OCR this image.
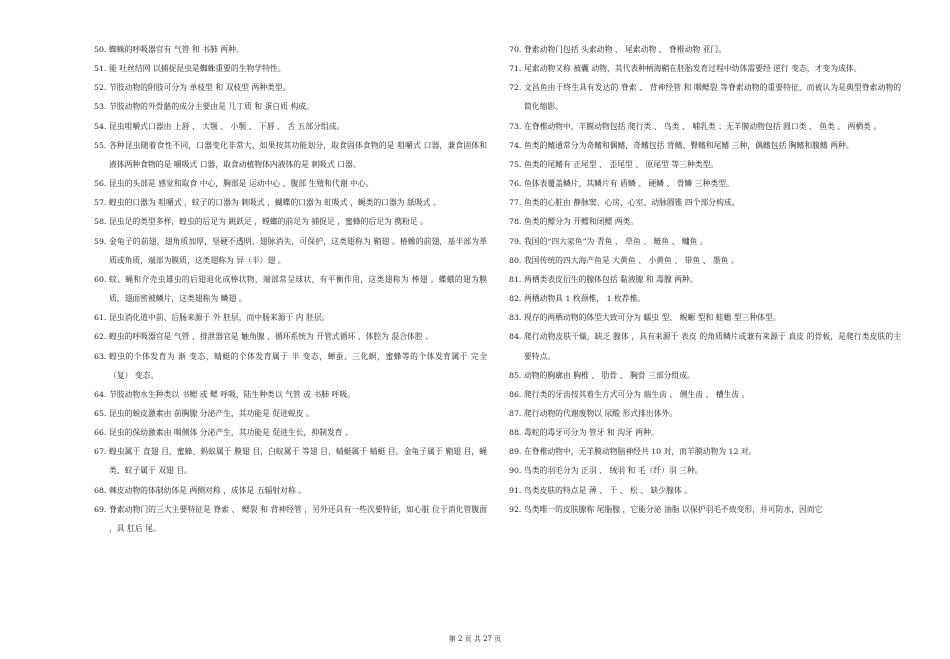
50. 蜘蛛的呼吸器官有 气管 和 书肺 两种。
51. 能 吐丝结网 以捕捉昆虫是蜘蛛重要的生物学特性。
52. 节肢动物的附肢可分为 单枝型 和 双枝型 两种类型。
53. 节肢动物的外骨骼的成分主要由是 几丁质 和 蛋白质 构成。
54. 昆虫咀嚼式口器由 上唇 、 大颚 、 小颚 、 下唇 、 舌 五部分组成。
55. 各种昆虫随着食性不同，口器变化非常大，如果按其功能划分，取食固体食物的是 咀嚼式 口器，兼食固体和液体两种食物的是 嚼吸式 口器，取食动植物体内液体的是 刺吸式 口器。
56. 昆虫的头部是 感觉和取食 中心，胸部是 运动中心 ，腹部 生殖和代谢 中心。
57. 蝗虫的口器为 咀嚼式 ，蚊子的口器为 刺吸式 ，蝴蝶的口器为 虹吸式 ，蝇类的口器为 舐吸式 。
58. 昆虫足的类型多样，蝗虫的后足为 跳跃足 ，螳螂的前足为 捕捉足 ，蜜蜂的后足为 携粉足 。
59. 金龟子的前翅，翅角质加厚，坚硬不透明，翅脉消失，可保护，这类翅称为 鞘翅 。椿蟓的前翅，基半部为革质或角质，端部为膜质，这类翅称为 异（半）翅 。
60. 蚊、蝇和介壳虫雄虫的后翅退化成棒状物，端部常呈球状，有平衡作用，这类翅称为 棒翅 。蝶蛾的翅为膜质，翅面密被鳞片，这类翅称为 鳞翅 。
61. 昆虫消化道中前、后肠来源于 外 胚层，而中肠来源于 内 胚层。
62. 蝗虫的呼吸器官是 气管 ，排泄器官是 触角腺 ，循环系统为 开管式循环 ，体腔为 混合体腔 。
63. 蝗虫的个体发育为 渐 变态，蜻蜓的个体发育属于 半 变态，蝉蚕、三化螟，蜜蜂等的个体发育属于 完全（复） 变态。
64. 节肢动物水生种类以 书鳃 或 鳃 呼吸，陆生种类以 气管 或 书肺 呼吸。
65. 昆虫的蜕皮激素由 前胸腺 分泌产生，其功能是 促进蜕皮 。
66. 昆虫的保幼激素由 咽侧体 分泌产生，其功能是 促进生长，抑制发育 。
67. 蝗虫属于 直翅 目，蜜蜂、蚂蚁属于 膜翅 目，白蚁属于 等翅 目，蜻蜓属于 蜻蜓 目。金龟子属于 鞘翅 目，蝇类、蚊子属于 双翅 目。
68. 棘皮动物的体制幼体是 两侧对称 ，成体是 五辐射对称 。
69. 脊索动物门的三大主要特征是 脊索 、 鳃裂 和 背神经管 ，另外还具有一些次要特征，如心脏 位于消化管腹面 ，具 肛后 尾。
70. 脊索动物门包括 头索动物 、 尾索动物 、 脊椎动物 亚门。
71. 尾索动物又称 被囊 动物，其代表种柄海鞘在胚胎发育过程中幼体需要经 逆行 变态，才变为成体。
72. 文昌鱼由于终生具有发达的 脊索 、 背神经管 和 咽鳃裂 等脊索动物的重要特征，而被认为是典型脊索动物的简化缩影。
73. 在脊椎动物中，羊膜动物包括 爬行类 、 鸟类 、 哺乳类 ；无羊膜动物包括 圆口类 、 鱼类 、 两栖类 。
74. 鱼类的鳍通常分为奇鳍和偶鳍，奇鳍包括 背鳍、臀鳍和尾鳍 三种，偶鳍包括 胸鳍和腹鳍 两种。
75. 鱼类的尾鳍有 正尾型 、 歪尾型 、 原尾型 等三种类型。
76. 鱼体表覆盖鳞片，其鳞片有 盾鳞 、 硬鳞 、 骨鳞 三种类型。
77. 鱼类的心脏由 静脉窦、心房、心室、动脉圆锥 四个部分构成。
78. 鱼类的鳔分为 开鳔和闭鳔 两类。
79. 我国的“四大家鱼”为 青鱼 、 草鱼 、 鲢鱼 、 鳙鱼 。
80. 我国传统的四大海产鱼是 大黄鱼 、 小黄鱼 、 带鱼 、 墨鱼 。
81. 两栖类表皮衍生的腺体包括 黏液腺 和 毒腺 两种。
82. 两栖动物具 1 枚颈椎， 1 枚荐椎。
83. 现存的两栖动物的体型大致可分为 蠕虫 型、 鲵螈 型和 蛙蟾 型三种体型。
84. 爬行动物皮肤干燥，缺乏 腺体 ，具有来源于 表皮 的角质鳞片或兼有来源于 真皮 的骨板，是爬行类皮肤的主要特点。
85. 动物的胸廓由 胸椎 、 肋骨 、 胸骨 三部分组成。
86. 爬行类的牙齿按其着生方式可分为 端生齿 、 侧生齿 、 槽生齿 。
87. 爬行动物的代谢废物以 尿酸 形式排出体外。
88. 毒蛇的毒牙可分为 管牙 和 沟牙 两种。
89. 在脊椎动物中，无羊膜动物脑神经共 10 对，而羊膜动物为 12 对。
90. 鸟类的羽毛分为 正羽 、 绒羽 和 毛（纤）羽 三种。
91. 鸟类皮肤的特点是 薄 、 干 、 松 、 缺少腺体 。
92. 鸟类唯一的皮肤腺称 尾脂腺 ，它能分泌 油脂 以保护羽毛不致变形，并可防水，因而它
第 2 页 共 27 页
